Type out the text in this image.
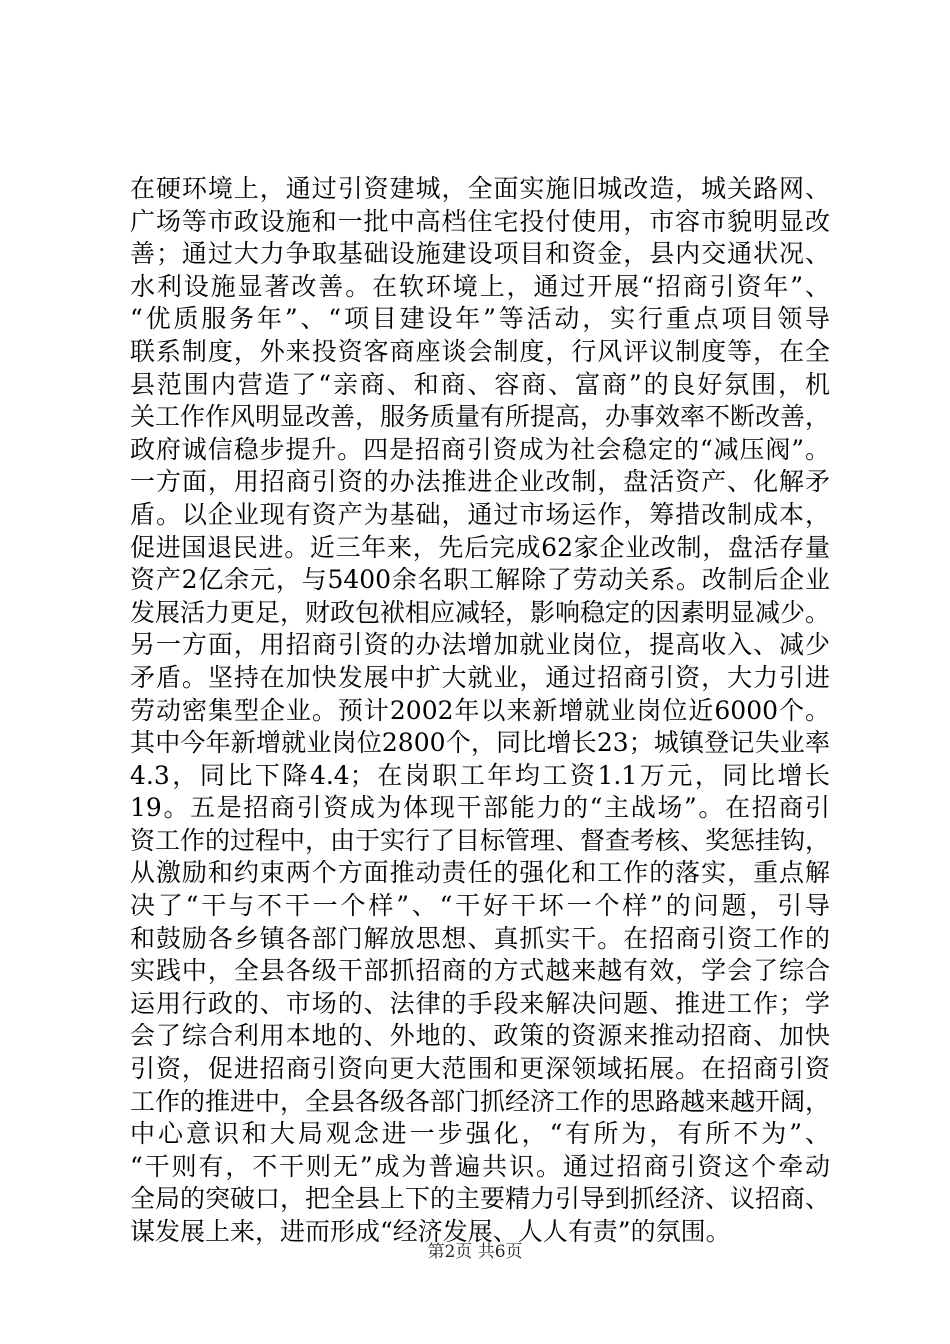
在硬环境上，通过引资建城，全面实施旧城改造，城关路网、
广场等市政设施和一批中高档住宅投付使用，市容市貌明显改
善；通过大力争取基础设施建设项目和资金，县内交通状况、
水利设施显著改善。在软环境上，通过开展“招商引资年”、
“优质服务年”、“项目建设年”等活动，实行重点项目领导
联系制度，外来投资客商座谈会制度，行风评议制度等，在全
县范围内营造了“亲商、和商、容商、富商”的良好氛围，机
关工作作风明显改善，服务质量有所提高，办事效率不断改善，
政府诚信稳步提升。四是招商引资成为社会稳定的“减压阀”。
一方面，用招商引资的办法推进企业改制，盘活资产、化解矛
盾。以企业现有资产为基础，通过市场运作，筹措改制成本，
促进国退民进。近三年来，先后完成62家企业改制，盘活存量
资产2亿余元，与5400余名职工解除了劳动关系。改制后企业
发展活力更足，财政包袱相应减轻，影响稳定的因素明显减少。
另一方面，用招商引资的办法增加就业岗位，提高收入、减少
矛盾。坚持在加快发展中扩大就业，通过招商引资，大力引进
劳动密集型企业。预计2002年以来新增就业岗位近6000个。
其中今年新增就业岗位2800个，同比增长23；城镇登记失业率
4.3，同比下降4.4；在岗职工年均工资1.1万元，同比增长
19。五是招商引资成为体现干部能力的“主战场”。在招商引
资工作的过程中，由于实行了目标管理、督查考核、奖惩挂钩，
从激励和约束两个方面推动责任的强化和工作的落实，重点解
决了“干与不干一个样”、“干好干坏一个样”的问题，引导
和鼓励各乡镇各部门解放思想、真抓实干。在招商引资工作的
实践中，全县各级干部抓招商的方式越来越有效，学会了综合
运用行政的、市场的、法律的手段来解决问题、推进工作；学
会了综合利用本地的、外地的、政策的资源来推动招商、加快
引资，促进招商引资向更大范围和更深领域拓展。在招商引资
工作的推进中，全县各级各部门抓经济工作的思路越来越开阔，
中心意识和大局观念进一步强化，“有所为，有所不为”、
“干则有，不干则无”成为普遍共识。通过招商引资这个牵动
全局的突破口，把全县上下的主要精力引导到抓经济、议招商、
谋发展上来，进而形成“经济发展、人人有责”的氛围。
第2页 共6页
